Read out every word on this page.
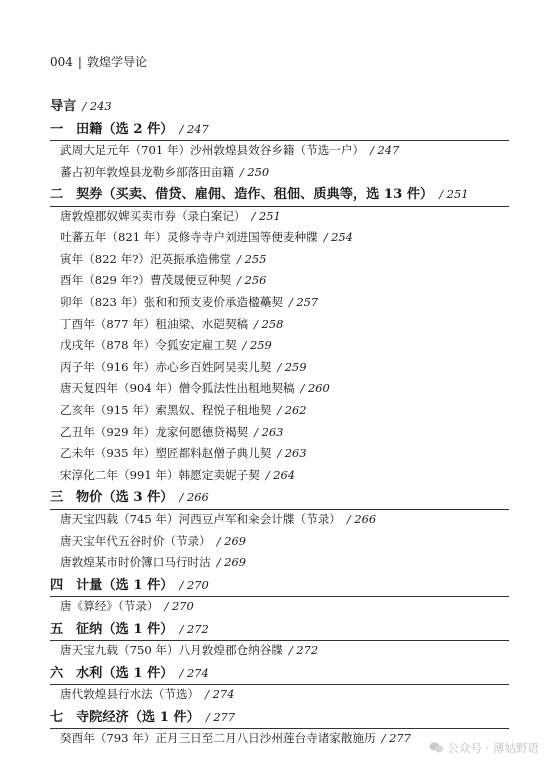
004 | 敦煌学导论
导言 / 243
一 田籍（选 2 件） / 247
武周大足元年（701 年）沙州敦煌县效谷乡籍（节选一户） / 247
蕃占初年敦煌县龙勒乡部落田亩籍 / 250
二 契券（买卖、借贷、雇佣、造作、租佃、质典等，选 13 件） / 251
唐敦煌郡奴婢买卖市券（录白案记） / 251
吐蕃五年（821 年）灵修寺寺户刘进国等便麦种牒 / 254
寅年（822 年?）汜英振承造佛堂 / 255
酉年（829 年?）曹茂晟便豆种契 / 256
卯年（823 年）张和和预支麦价承造楹蘽契 / 257
丁酉年（877 年）租油梁、水硙契稿 / 258
戊戌年（878 年）令狐安定雇工契 / 259
丙子年（916 年）赤心乡百姓阿吴卖儿契 / 259
唐天复四年（904 年）僧令狐法性出租地契稿 / 260
乙亥年（915 年）索黑奴、程悦子租地契 / 262
乙丑年（929 年）龙家何愿德贷褐契 / 263
乙未年（935 年）塑匠都料赵僧子典儿契 / 263
宋淳化二年（991 年）韩愿定卖妮子契 / 264
三 物价（选 3 件） / 266
唐天宝四载（745 年）河西豆卢军和籴会计牒（节录） / 266
唐天宝年代五谷时价（节录） / 269
唐敦煌某市时价簿口马行时沽 / 269
四 计量（选 1 件） / 270
唐《算经》（节录） / 270
五 征纳（选 1 件） / 272
唐天宝九载（750 年）八月敦煌郡仓纳谷牒 / 272
六 水利（选 1 件） / 274
唐代敦煌县行水法（节选） / 274
七 寺院经济（选 1 件） / 277
癸酉年（793 年）正月三日至二月八日沙州莲台寺诸家散施历 / 277
公众号 · 薄姑野语
